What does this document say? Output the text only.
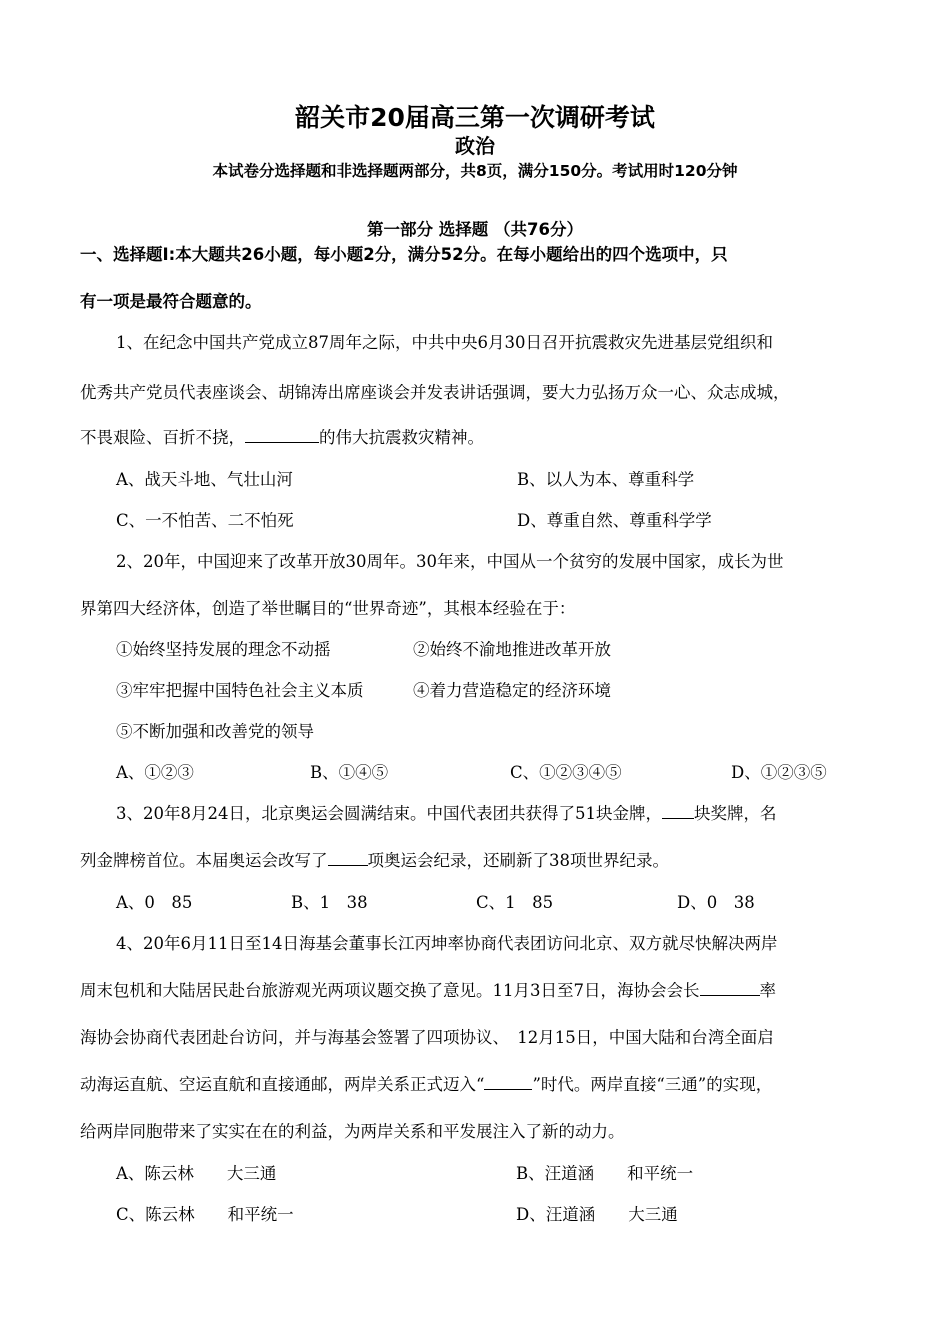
韶关市20届高三第一次调研考试
政治
本试卷分选择题和非选择题两部分，共8页，满分150分。考试用时120分钟
第一部分 选择题 （共76分）
一、选择题Ⅰ:本大题共26小题，每小题2分，满分52分。在每小题给出的四个选项中，只
有一项是最符合题意的。
1、在纪念中国共产党成立87周年之际，中共中央6月30日召开抗震救灾先进基层党组织和
优秀共产党员代表座谈会、胡锦涛出席座谈会并发表讲话强调，要大力弘扬万众一心、众志成城，
不畏艰险、百折不挠，	的伟大抗震救灾精神。
A、战天斗地、气壮山河	B、以人为本、尊重科学
C、一不怕苦、二不怕死	D、尊重自然、尊重科学学
2、20年，中国迎来了改革开放30周年。30年来，中国从一个贫穷的发展中国家，成长为世
界第四大经济体，创造了举世瞩目的“世界奇迹”，其根本经验在于：
①始终坚持发展的理念不动摇	②始终不渝地推进改革开放
③牢牢把握中国特色社会主义本质	④着力营造稳定的经济环境
⑤不断加强和改善党的领导
A、①②③	B、①④⑤	C、①②③④⑤	D、①②③⑤
3、20年8月24日，北京奥运会圆满结束。中国代表团共获得了51块金牌， 块奖牌，名
列金牌榜首位。本届奥运会改写了 项奥运会纪录，还刷新了38项世界纪录。
A、0　85	B、1　38	C、1　85	D、0　38
4、20年6月11日至14日海基会董事长江丙坤率协商代表团访问北京、双方就尽快解决两岸
周末包机和大陆居民赴台旅游观光两项议题交换了意见。11月3日至7日，海协会会长	率
海协会协商代表团赴台访问，并与海基会签署了四项协议、　12月15日，中国大陆和台湾全面启
动海运直航、空运直航和直接通邮，两岸关系正式迈入“	”时代。两岸直接“三通”的实现，
给两岸同胞带来了实实在在的利益，为两岸关系和平发展注入了新的动力。
A、陈云林　　大三通	B、汪道涵　　和平统一
C、陈云林　　和平统一	D、汪道涵　　大三通
